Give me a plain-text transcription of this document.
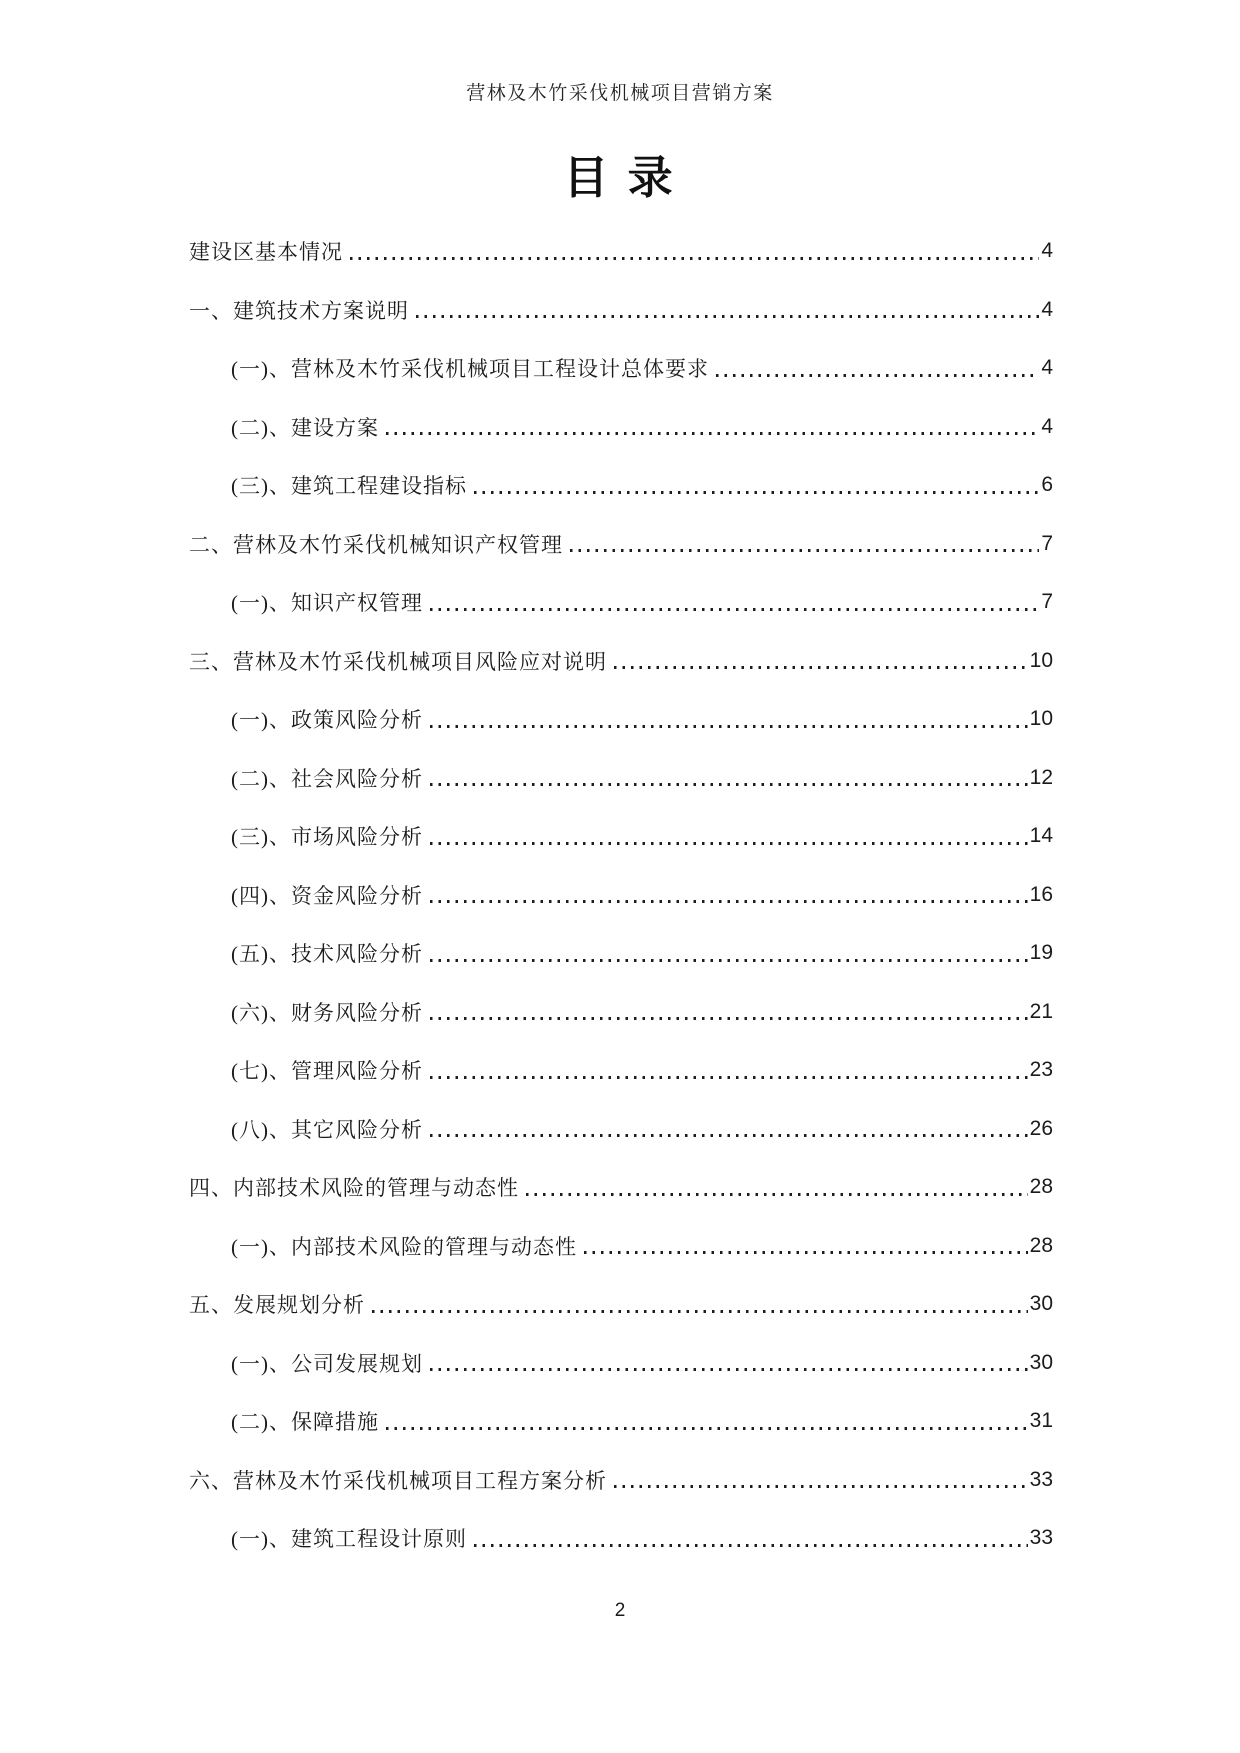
营林及木竹采伐机械项目营销方案
目 录
建设区基本情况	4
一、建筑技术方案说明	4
(一)、营林及木竹采伐机械项目工程设计总体要求	4
(二)、建设方案	4
(三)、建筑工程建设指标	6
二、营林及木竹采伐机械知识产权管理	7
(一)、知识产权管理	7
三、营林及木竹采伐机械项目风险应对说明	10
(一)、政策风险分析	10
(二)、社会风险分析	12
(三)、市场风险分析	14
(四)、资金风险分析	16
(五)、技术风险分析	19
(六)、财务风险分析	21
(七)、管理风险分析	23
(八)、其它风险分析	26
四、内部技术风险的管理与动态性	28
(一)、内部技术风险的管理与动态性	28
五、发展规划分析	30
(一)、公司发展规划	30
(二)、保障措施	31
六、营林及木竹采伐机械项目工程方案分析	33
(一)、建筑工程设计原则	33
2
